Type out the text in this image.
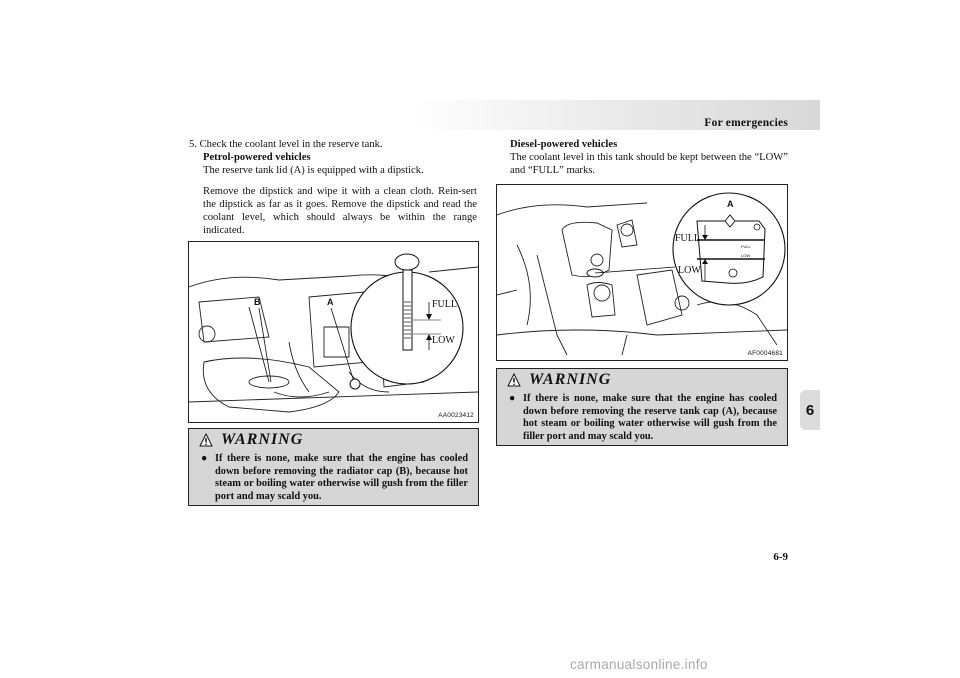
For emergencies
6

5. Check the coolant level in the reserve tank.

Petrol-powered vehicles

The reserve tank lid (A) is equipped with a dipstick.

Remove the dipstick and wipe it with a clean cloth. Rein-sert the dipstick as far as it goes. Remove the dipstick and read the coolant level, which should always be within the range indicated.

Diesel-powered vehicles

The coolant level in this tank should be kept between the “LOW” and “FULL” marks.

B	A	FULL
LOW
AA0023412
A
FULL
LOW
FULL
LOW
AF0004681
WARNING
● If there is none, make sure that the engine has cooled down before removing the radiator cap (B), because hot steam or boiling water otherwise will gush from the filler port and may scald you.
WARNING
● If there is none, make sure that the engine has cooled down before removing the reserve tank cap (A), because hot steam or boiling water otherwise will gush from the filler port and may scald you.
6-9
carmanualsonline.info
